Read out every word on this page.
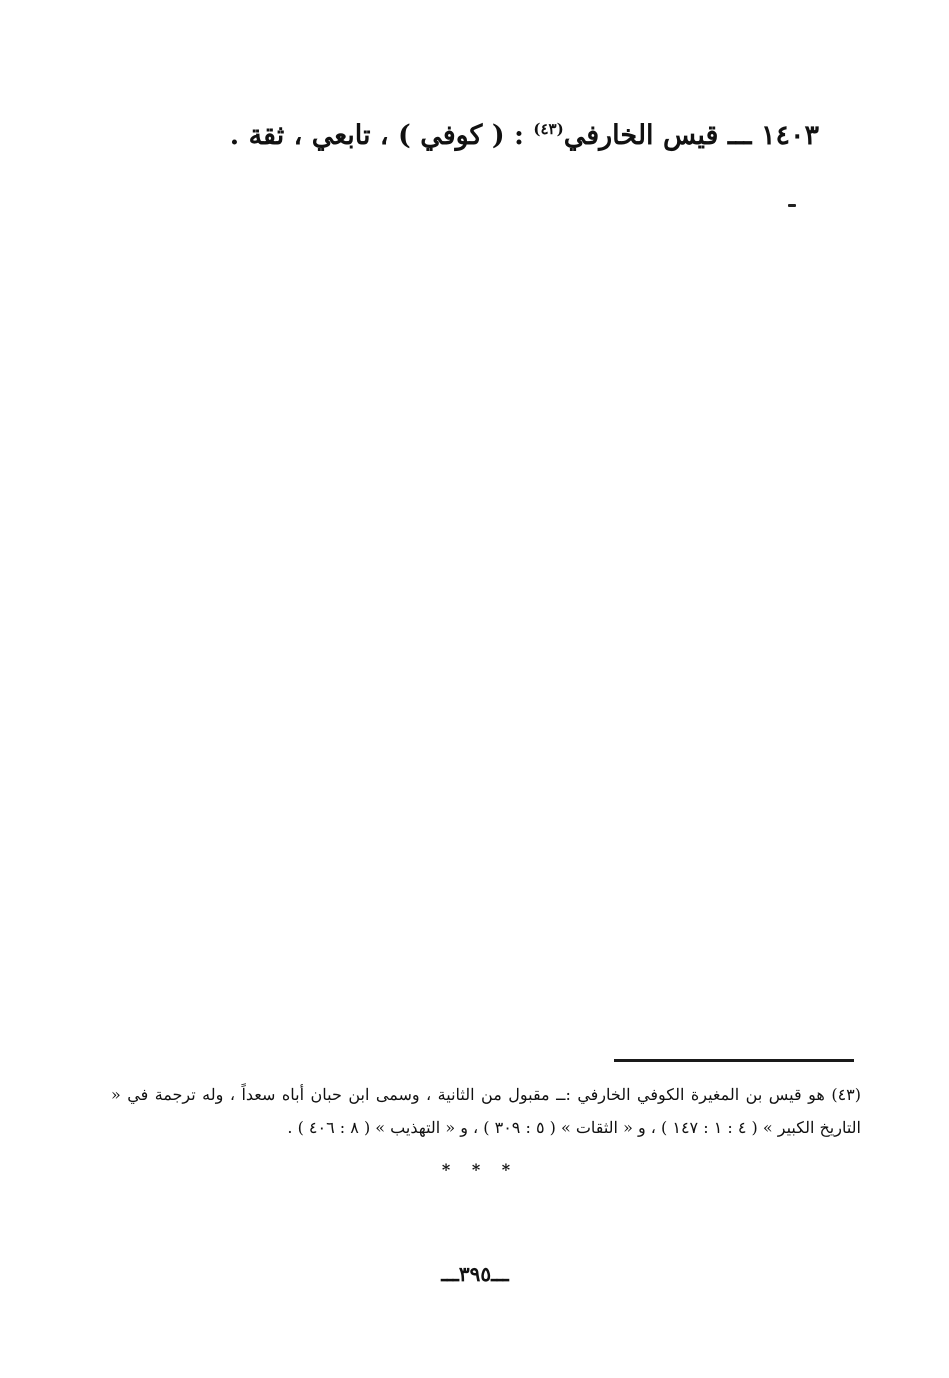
١٤٠٣ ـــ قيس الخارفي$^{(٤٣)}$ : ( كوفي ) ، تابعي ، ثقة .
(٤٣) هو قيس بن المغيرة الكوفي الخارفي :ــ مقبول من الثانية ، وسمى ابن حبان أباه سعداً ، وله ترجمة في « التاريخ الكبير » ( ٤ : ١ : ١٤٧ ) ، و « الثقات » ( ٥ : ٣٠٩ ) ، و « التهذيب » ( ٨ : ٤٠٦ ) .
* * *
ـــ٣٩٥ـــ
